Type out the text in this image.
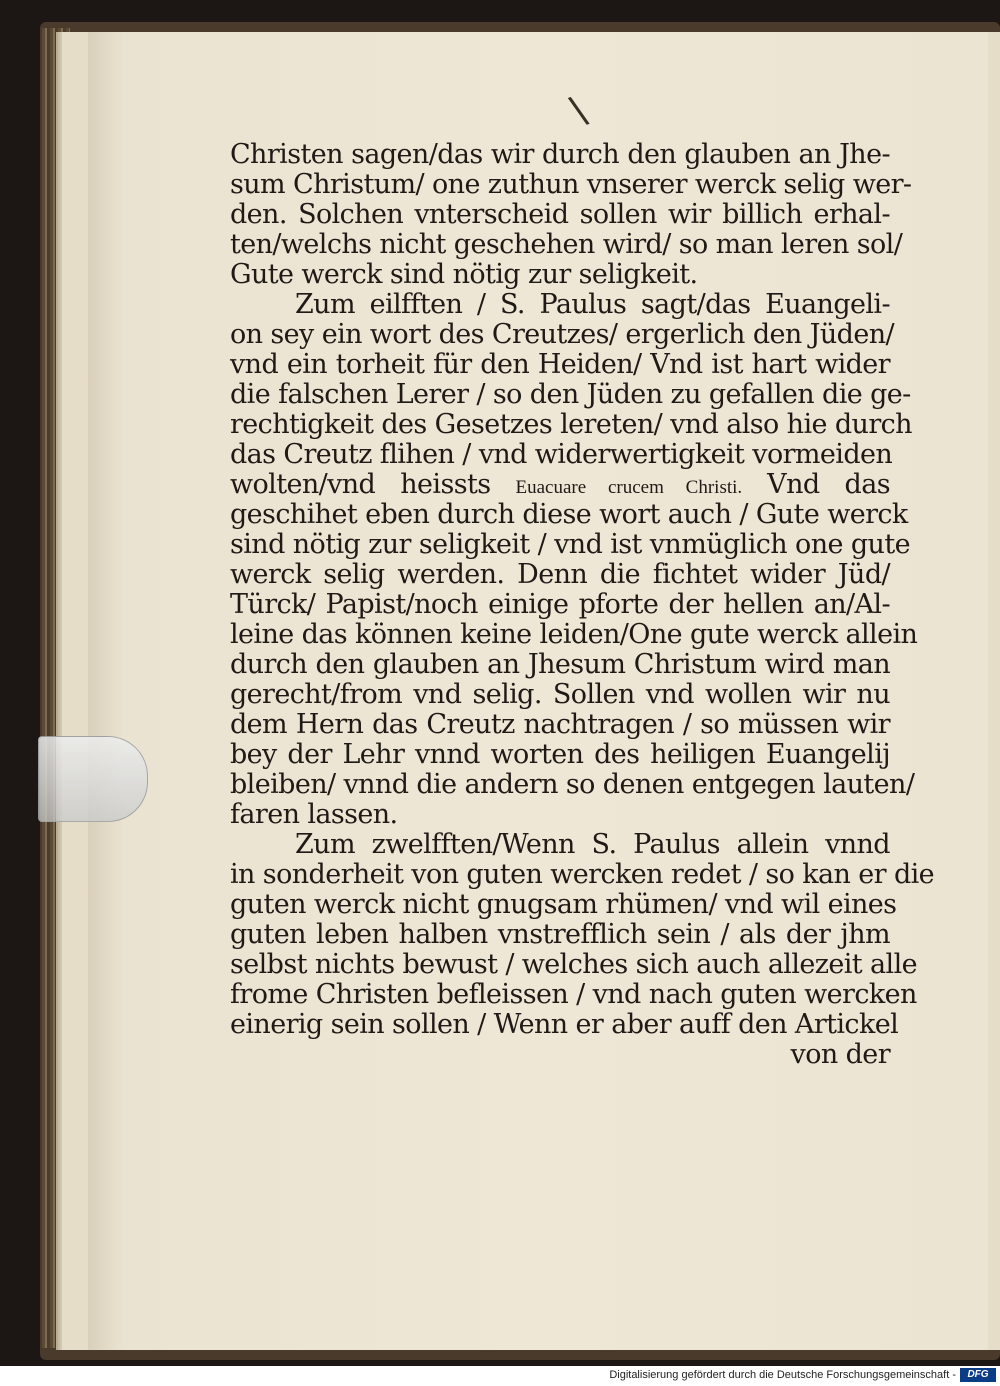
\
Christen sagen/das wir durch den glauben an Jhe-
sum Christum/ one zuthun vnserer werck selig wer-
den. Solchen vnterscheid sollen wir billich erhal-
ten/welchs nicht geschehen wird/ so man leren sol/
Gute werck sind nötig zur seligkeit.
Zum eilfften / S. Paulus sagt/das Euangeli-
on sey ein wort des Creutzes/ ergerlich den Jüden/
vnd ein torheit für den Heiden/ Vnd ist hart wider
die falschen Lerer / so den Jüden zu gefallen die ge-
rechtigkeit des Gesetzes lereten/ vnd also hie durch
das Creutz flihen / vnd widerwertigkeit vormeiden
wolten/vnd heissts Euacuare crucem Christi. Vnd das
geschihet eben durch diese wort auch / Gute werck
sind nötig zur seligkeit / vnd ist vnmüglich one gute
werck selig werden. Denn die fichtet wider Jüd/
Türck/ Papist/noch einige pforte der hellen an/Al-
leine das können keine leiden/One gute werck allein
durch den glauben an Jhesum Christum wird man
gerecht/from vnd selig. Sollen vnd wollen wir nu
dem Hern das Creutz nachtragen / so müssen wir
bey der Lehr vnnd worten des heiligen Euangelij
bleiben/ vnnd die andern so denen entgegen lauten/
faren lassen.
Zum zwelfften/Wenn S. Paulus allein vnnd
in sonderheit von guten wercken redet / so kan er die
guten werck nicht gnugsam rhümen/ vnd wil eines
guten leben halben vnstrefflich sein / als der jhm
selbst nichts bewust / welches sich auch allezeit alle
frome Christen befleissen / vnd nach guten wercken
einerig sein sollen / Wenn er aber auff den Artickel
von der
Digitalisierung gefördert durch die Deutsche Forschungsgemeinschaft -	DFG
